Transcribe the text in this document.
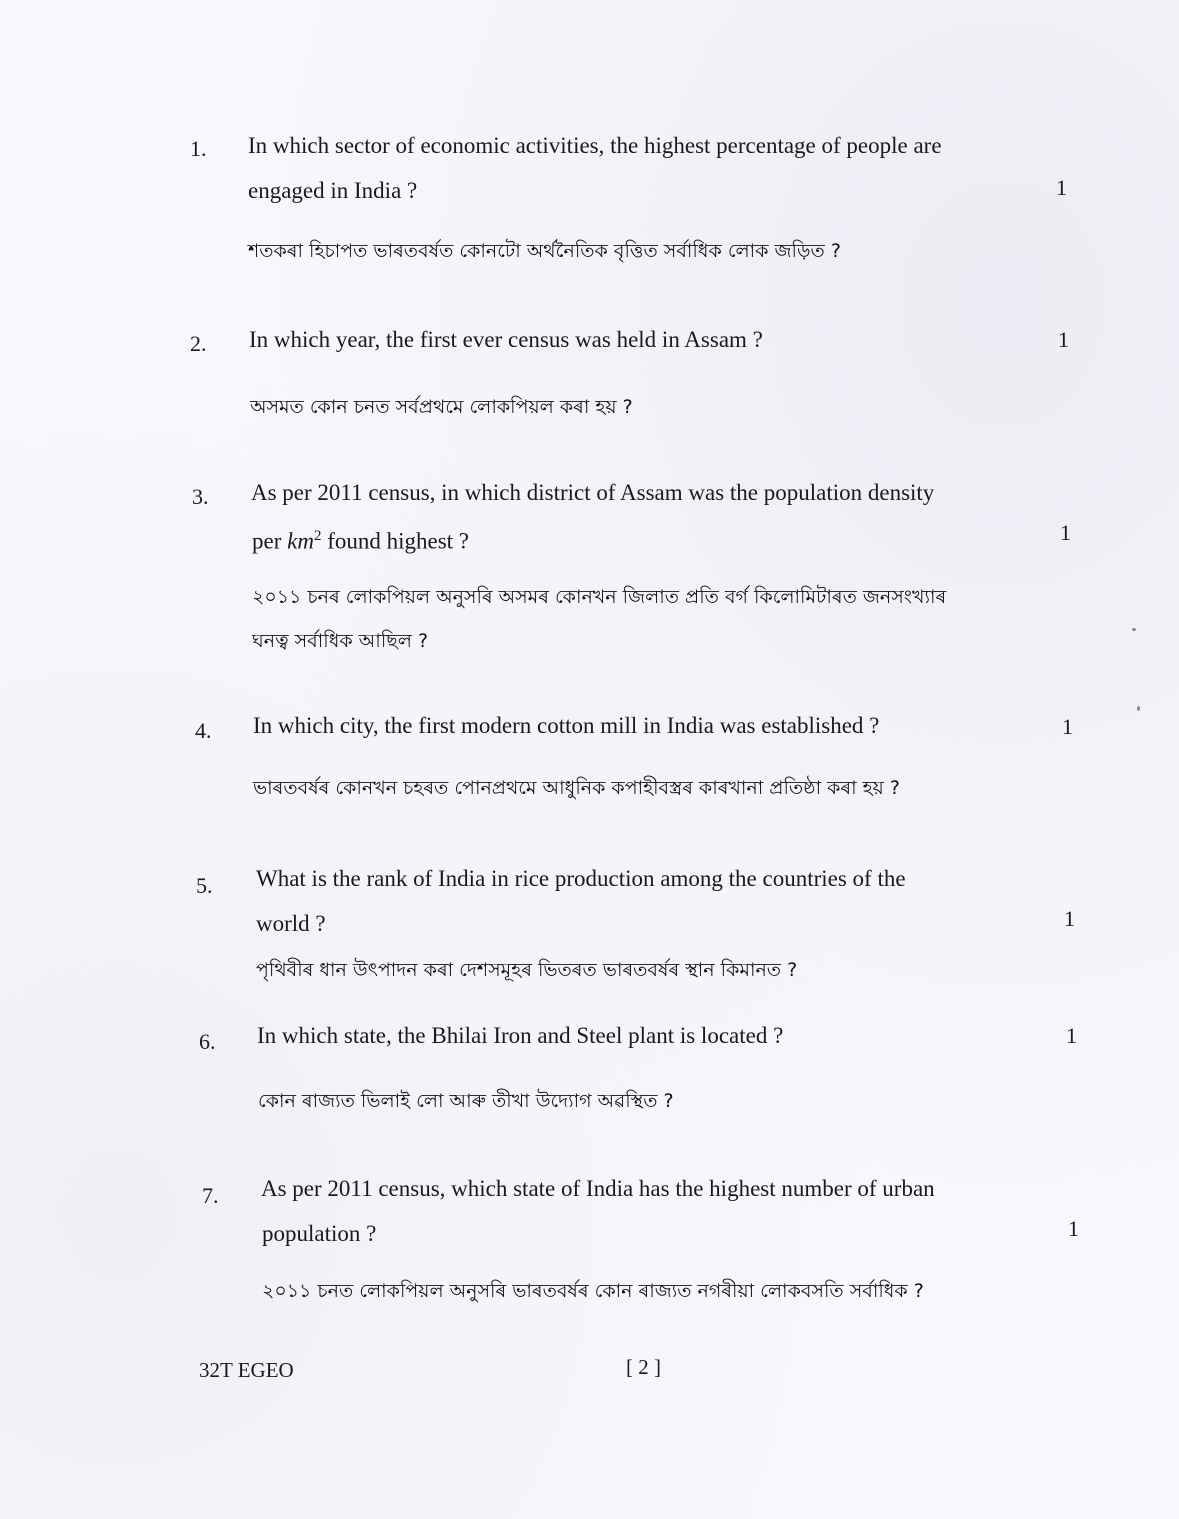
1. In which sector of economic activities, the highest percentage of people are
engaged in India ?	1
শতকৰা হিচাপত ভাৰতবৰ্ষত কোনটো অৰ্থনৈতিক বৃত্তিত সৰ্বাধিক লোক জড়িত ?
2. In which year, the first ever census was held in Assam ?	1
অসমত কোন চনত সৰ্বপ্ৰথমে লোকপিয়ল কৰা হয় ?
3. As per 2011 census, in which district of Assam was the population density
per $km^2$ found highest ?	1
২০১১ চনৰ লোকপিয়ল অনুসৰি অসমৰ কোনখন জিলাত প্ৰতি বৰ্গ কিলোমিটাৰত জনসংখ্যাৰ
ঘনত্ব সৰ্বাধিক আছিল ?
4. In which city, the first modern cotton mill in India was established ?	1
ভাৰতবৰ্ষৰ কোনখন চহৰত পোনপ্ৰথমে আধুনিক কপাহীবস্ত্ৰৰ কাৰখানা প্ৰতিষ্ঠা কৰা হয় ?
5. What is the rank of India in rice production among the countries of the
world ?	1
পৃথিবীৰ ধান উৎপাদন কৰা দেশসমূহৰ ভিতৰত ভাৰতবৰ্ষৰ স্থান কিমানত ?
6. In which state, the Bhilai Iron and Steel plant is located ?	1
কোন ৰাজ্যত ভিলাই লো আৰু তীখা উদ্যোগ অৱস্থিত ?
7. As per 2011 census, which state of India has the highest number of urban
population ?	1
২০১১ চনত লোকপিয়ল অনুসৰি ভাৰতবৰ্ষৰ কোন ৰাজ্যত নগৰীয়া লোকবসতি সৰ্বাধিক ?
32T EGEO	[ 2 ]
